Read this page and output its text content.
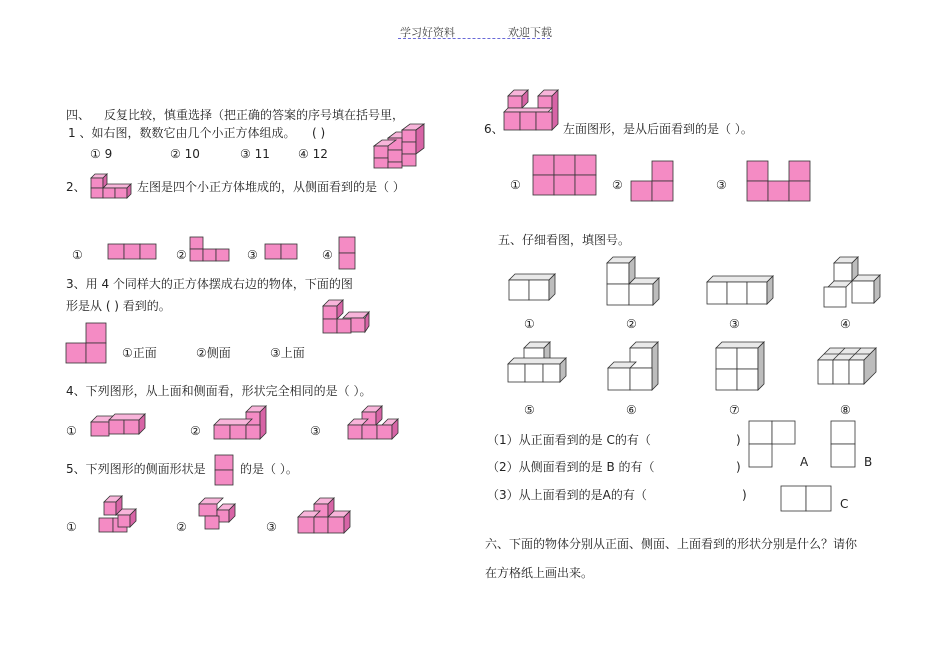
学习好资料	欢迎下载
四、 反复比较，慎重选择（把正确的答案的序号填在括号里，
1 、如右图，数数它由几个小正方体组成。 ( )
① 9	② 10	③ 11 ④ 12
2、	左图是四个小正方体堆成的，从侧面看到的是（ ）
①	②	③	④
3、用 4 个同样大的正方体摆成右边的物体，下面的图
形是从 ( ) 看到的。
①正面	②侧面	③上面
4、下列图形，从上面和侧面看，形状完全相同的是（ ）。
①	②	③
5、下列图形的侧面形状是	的是（ ）。
①	②	③
6、	左面图形，是从后面看到的是（ ）。
①	②	③
五、仔细看图，填图号。
①	②	③	④
⑤	⑥	⑦	⑧
（1）从正面看到的是 C的有（	)
（2）从侧面看到的是 B 的有（	)
（3）从上面看到的是A的有（	)
A	B
C
六、下面的物体分别从正面、侧面、上面看到的形状分别是什么？请你
在方格纸上画出来。
